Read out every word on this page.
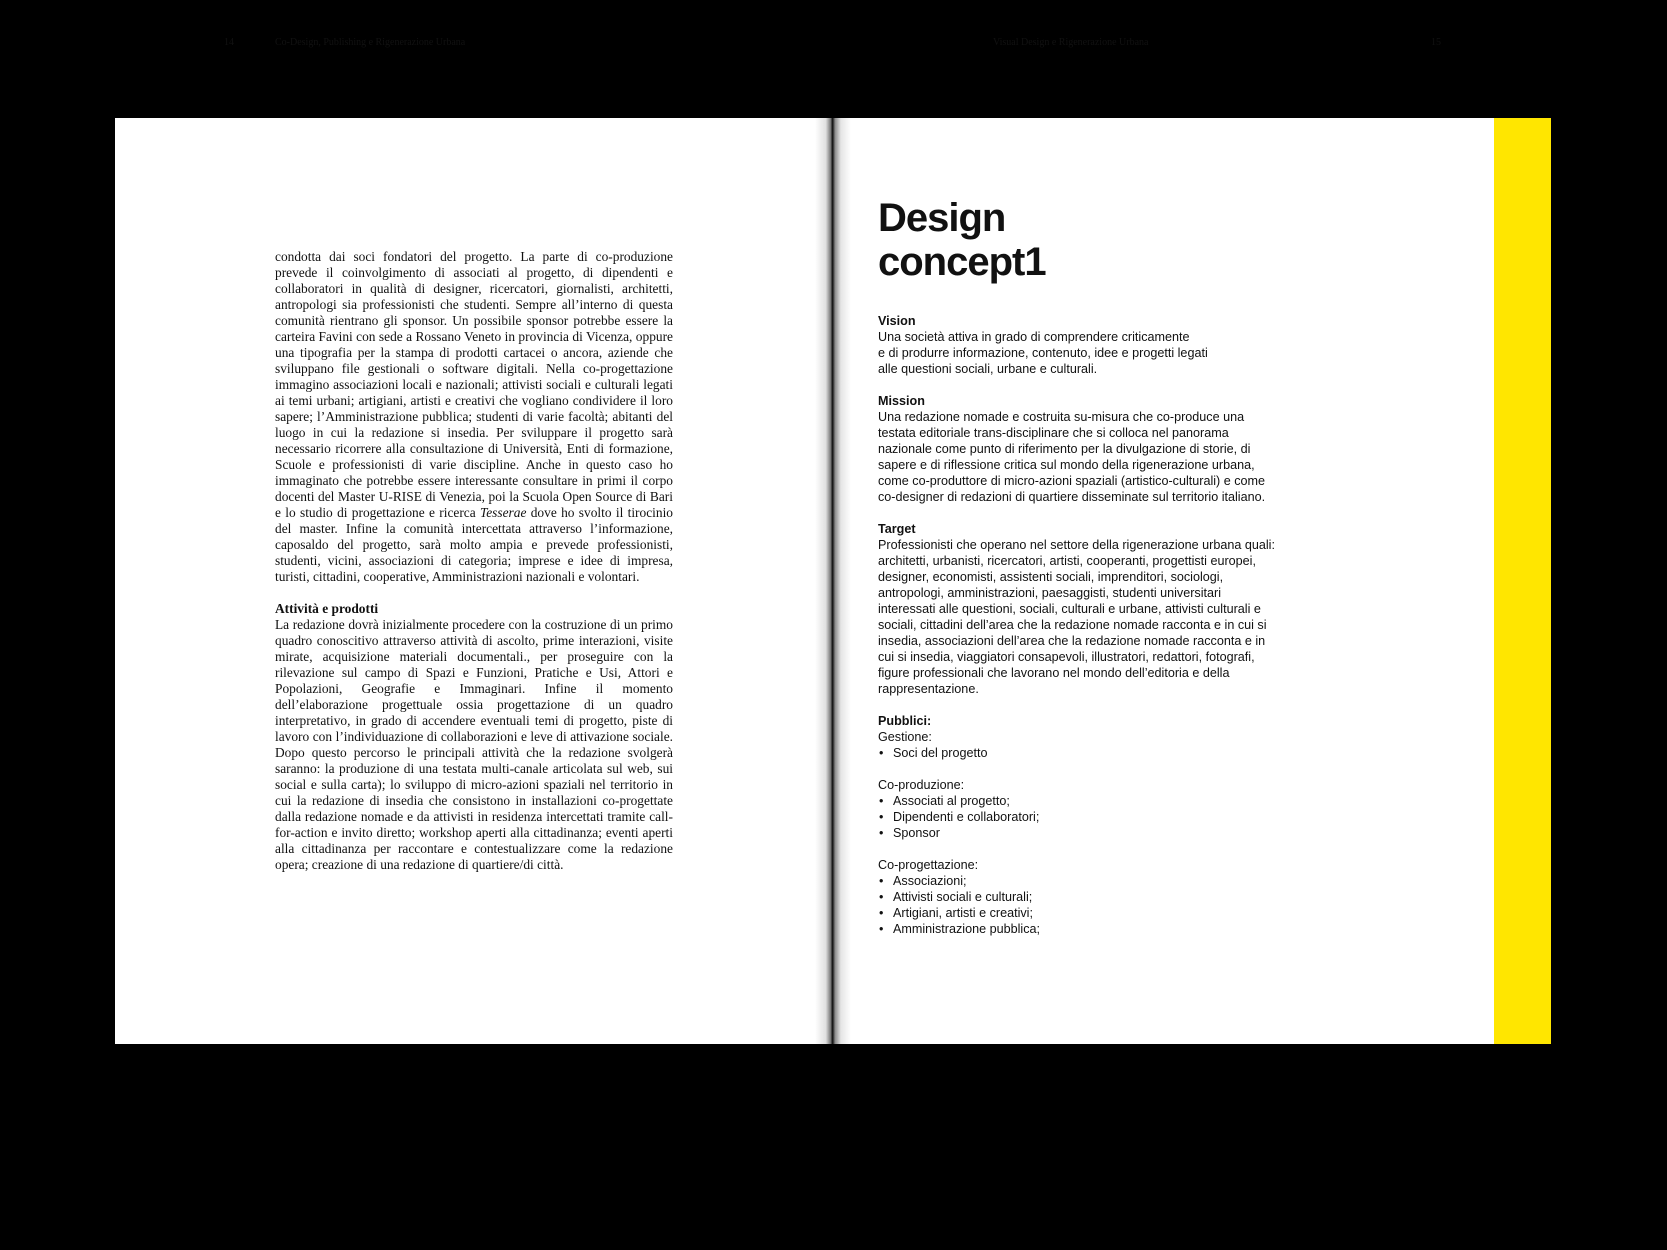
14	Co-Design, Publishing e Rigenerazione Urbana	Visual Design e Rigenerazione Urbana	15

condotta dai soci fondatori del progetto. La parte di co-produzione prevede il coinvolgimento di associati al progetto, di dipendenti e collaboratori in qualità di designer, ricercatori, giornalisti, architetti, antropologi sia professionisti che studenti. Sempre all’interno di questa comunità rientrano gli sponsor. Un possibile sponsor potrebbe essere la carteira Favini con sede a Rossano Veneto in provincia di Vicenza, oppure una tipografia per la stampa di prodotti cartacei o ancora, aziende che sviluppano file gestionali o software digitali. Nella co-progettazione immagino associazioni locali e nazionali; attivisti sociali e culturali legati ai temi urbani; artigiani, artisti e creativi che vogliano condividere il loro sapere; l’Amministrazione pubblica; studenti di varie facoltà; abitanti del luogo in cui la redazione si insedia. Per sviluppare il progetto sarà necessario ricorrere alla consultazione di Università, Enti di formazione, Scuole e professionisti di varie discipline. Anche in questo caso ho immaginato che potrebbe essere interessante consultare in primi il corpo docenti del Master U-RISE di Venezia, poi la Scuola Open Source di Bari e lo studio di progettazione e ricerca Tesserae dove ho svolto il tirocinio del master. Infine la comunità intercettata attraverso l’informazione, caposaldo del progetto, sarà molto ampia e prevede professionisti, studenti, vicini, associazioni di categoria; imprese e idee di impresa, turisti, cittadini, cooperative, Amministrazioni nazionali e volontari.

Attività e prodotti

La redazione dovrà inizialmente procedere con la costruzione di un primo quadro conoscitivo attraverso attività di ascolto, prime interazioni, visite mirate, acquisizione materiali documentali., per proseguire con la rilevazione sul campo di Spazi e Funzioni, Pratiche e Usi, Attori e Popolazioni, Geografie e Immaginari. Infine il momento dell’elaborazione progettuale ossia progettazione di un quadro interpretativo, in grado di accendere eventuali temi di progetto, piste di lavoro con l’individuazione di collaborazioni e leve di attivazione sociale. Dopo questo percorso le principali attività che la redazione svolgerà saranno: la produzione di una testata multi-canale articolata sul web, sui social e sulla carta); lo sviluppo di micro-azioni spaziali nel territorio in cui la redazione di insedia che consistono in installazioni co-progettate dalla redazione nomade e da attivisti in residenza intercettati tramite call-for-action e invito diretto; workshop aperti alla cittadinanza; eventi aperti alla cittadinanza per raccontare e contestualizzare come la redazione opera; creazione di una redazione di quartiere/di città.

Design
concept1
Vision

Una società attiva in grado di comprendere criticamente

e di produrre informazione, contenuto, idee e progetti legati

alle questioni sociali, urbane e culturali.

Mission

Una redazione nomade e costruita su-misura che co-produce una testata editoriale trans-disciplinare che si colloca nel panorama nazionale come punto di riferimento per la divulgazione di storie, di sapere e di riflessione critica sul mondo della rigenerazione urbana, come co-produttore di micro-azioni spaziali (artistico-culturali) e come co-designer di redazioni di quartiere disseminate sul territorio italiano.

Target

Professionisti che operano nel settore della rigenerazione urbana quali: architetti, urbanisti, ricercatori, artisti, cooperanti, progettisti europei, designer, economisti, assistenti sociali, imprenditori, sociologi, antropologi, amministrazioni, paesaggisti, studenti universitari interessati alle questioni, sociali, culturali e urbane, attivisti culturali e sociali, cittadini dell’area che la redazione nomade racconta e in cui si insedia, associazioni dell’area che la redazione nomade racconta e in cui si insedia, viaggiatori consapevoli, illustratori, redattori, fotografi, figure professionali che lavorano nel mondo dell’editoria e della rappresentazione.

Pubblici:

Gestione:

• Soci del progetto

Co-produzione:

• Associati al progetto;
• Dipendenti e collaboratori;
• Sponsor

Co-progettazione:

• Associazioni;
• Attivisti sociali e culturali;
• Artigiani, artisti e creativi;
• Amministrazione pubblica;
